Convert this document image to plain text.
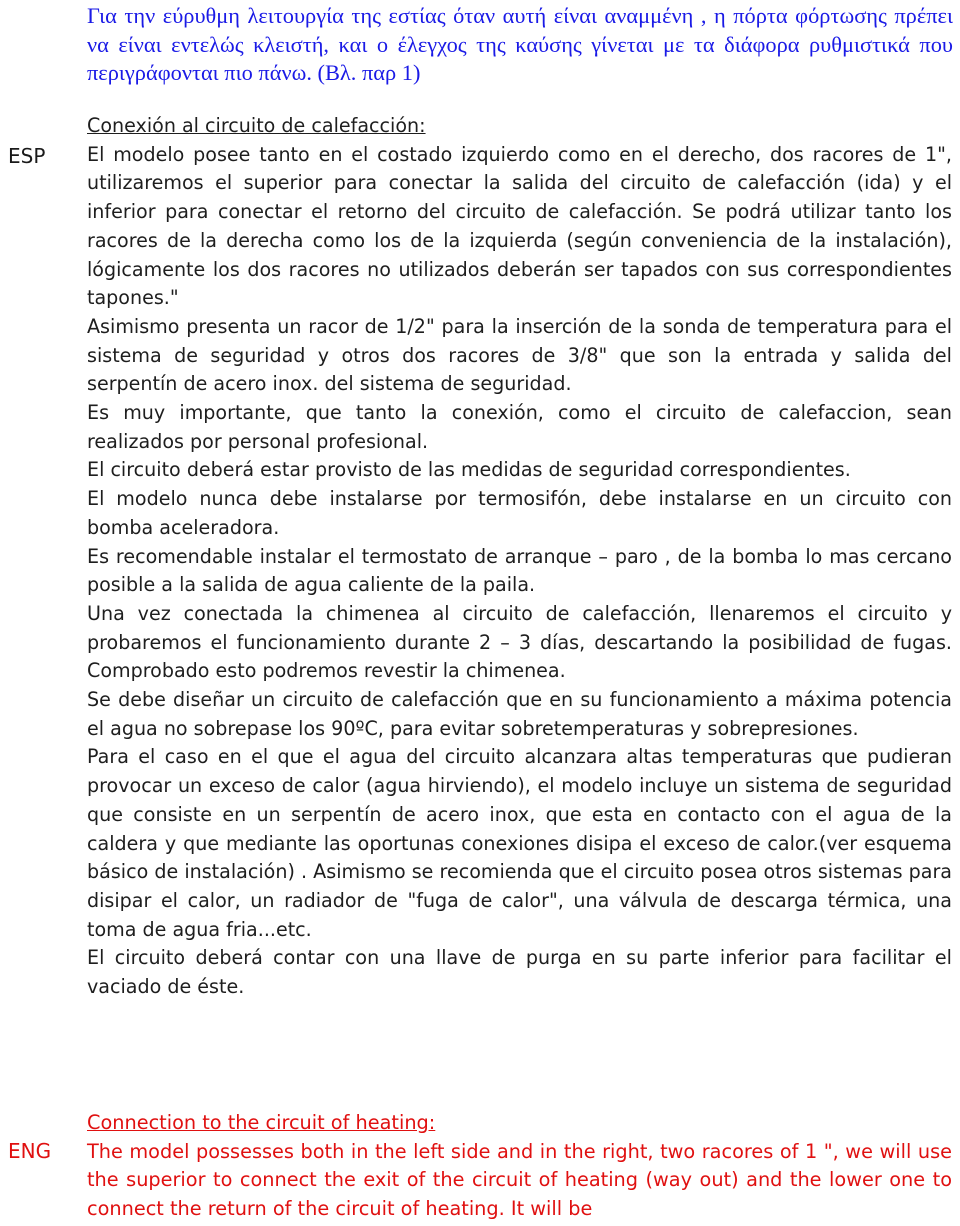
Για την εύρυθμη λειτουργία της εστίας όταν αυτή είναι αναμμένη , η πόρτα φόρτωσης πρέπει να είναι εντελώς κλειστή, και ο έλεγχος της καύσης γίνεται με τα διάφορα ρυθμιστικά που περιγράφονται πιο πάνω. (Βλ. παρ 1)

ESP

Conexión al circuito de calefacción:

El modelo posee tanto en el costado izquierdo como en el derecho, dos racores de 1", utilizaremos el superior para conectar la salida del circuito de calefacción (ida) y el inferior para conectar el retorno del circuito de calefacción. Se podrá utilizar tanto los racores de la derecha como los de la izquierda (según conveniencia de la instalación), lógicamente los dos racores no utilizados deberán ser tapados con sus correspondientes tapones."

Asimismo presenta un racor de 1/2" para la inserción de la sonda de temperatura para el sistema de seguridad y otros dos racores de 3/8" que son la entrada y salida del serpentín de acero inox. del sistema de seguridad.

Es muy importante, que tanto la conexión, como el circuito de calefaccion, sean realizados por personal profesional.

El circuito deberá estar provisto de las medidas de seguridad correspondientes.

El modelo nunca debe instalarse por termosifón, debe instalarse en un circuito con bomba aceleradora.

Es recomendable instalar el termostato de arranque – paro , de la bomba lo mas cercano posible a la salida de agua caliente de la paila.

Una vez conectada la chimenea al circuito de calefacción, llenaremos el circuito y probaremos el funcionamiento durante 2 – 3 días, descartando la posibilidad de fugas. Comprobado esto podremos revestir la chimenea.

Se debe diseñar un circuito de calefacción que en su funcionamiento a máxima potencia el agua no sobrepase los 90ºC, para evitar sobretemperaturas y sobrepresiones.

Para el caso en el que el agua del circuito alcanzara altas temperaturas que pudieran provocar un exceso de calor (agua hirviendo), el modelo incluye un sistema de seguridad que consiste en un serpentín de acero inox, que esta en contacto con el agua de la caldera y que mediante las oportunas conexiones disipa el exceso de calor.(ver esquema básico de instalación) . Asimismo se recomienda que el circuito posea otros sistemas para disipar el calor, un radiador de "fuga de calor", una válvula de descarga térmica, una toma de agua fria...etc.

El circuito deberá contar con una llave de purga en su parte inferior para facilitar el vaciado de éste.

ENG

Connection to the circuit of heating:

The model possesses both in the left side and in the right, two racores of 1 ", we will use the superior to connect the exit of the circuit of heating (way out) and the lower one to connect the return of the circuit of heating. It will be
